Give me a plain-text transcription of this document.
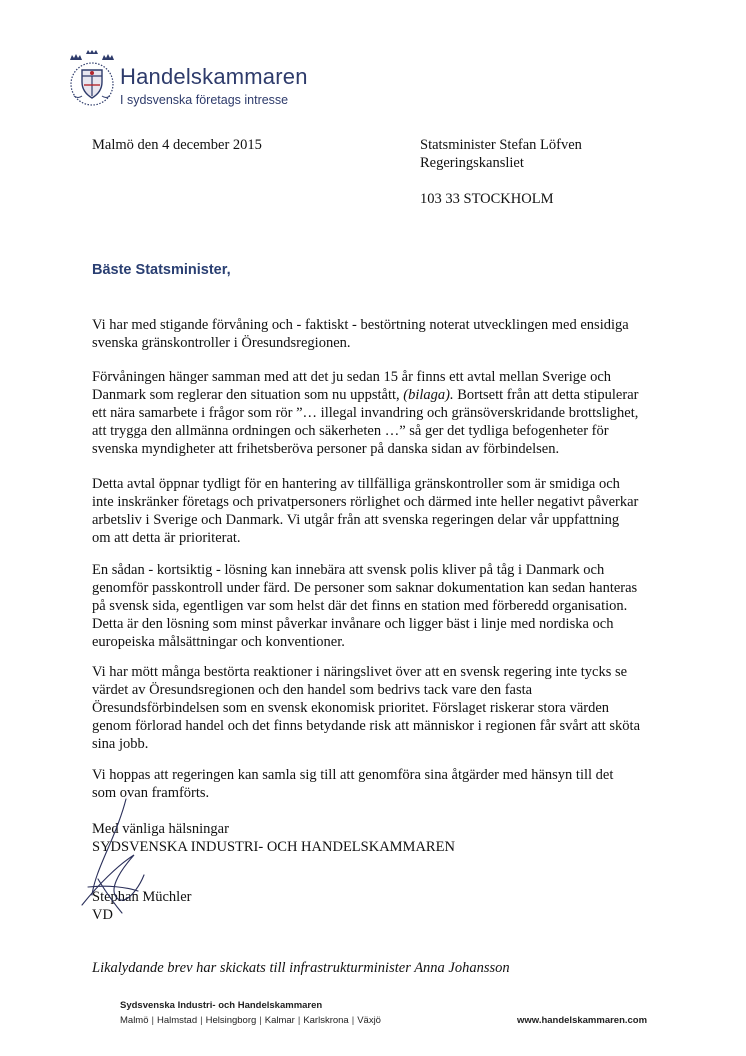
Handelskammaren
I sydsvenska företags intresse
Malmö den 4 december 2015	Statsminister Stefan Löfven
Regeringskansliet
103 33 STOCKHOLM
Bäste Statsminister,
Vi har med stigande förvåning och - faktiskt - bestörtning noterat utvecklingen med ensidiga
svenska gränskontroller i Öresundsregionen.
Förvåningen hänger samman med att det ju sedan 15 år finns ett avtal mellan Sverige och
Danmark som reglerar den situation som nu uppstått, (bilaga). Bortsett från att detta stipulerar
ett nära samarbete i frågor som rör ”… illegal invandring och gränsöverskridande brottslighet,
att trygga den allmänna ordningen och säkerheten …” så ger det tydliga befogenheter för
svenska myndigheter att frihetsberöva personer på danska sidan av förbindelsen.
Detta avtal öppnar tydligt för en hantering av tillfälliga gränskontroller som är smidiga och
inte inskränker företags och privatpersoners rörlighet och därmed inte heller negativt påverkar
arbetsliv i Sverige och Danmark. Vi utgår från att svenska regeringen delar vår uppfattning
om att detta är prioriterat.
En sådan - kortsiktig - lösning kan innebära att svensk polis kliver på tåg i Danmark och
genomför passkontroll under färd. De personer som saknar dokumentation kan sedan hanteras
på svensk sida, egentligen var som helst där det finns en station med förberedd organisation.
Detta är den lösning som minst påverkar invånare och ligger bäst i linje med nordiska och
europeiska målsättningar och konventioner.
Vi har mött många bestörta reaktioner i näringslivet över att en svensk regering inte tycks se
värdet av Öresundsregionen och den handel som bedrivs tack vare den fasta
Öresundsförbindelsen som en svensk ekonomisk prioritet. Förslaget riskerar stora värden
genom förlorad handel och det finns betydande risk att människor i regionen får svårt att sköta
sina jobb.
Vi hoppas att regeringen kan samla sig till att genomföra sina åtgärder med hänsyn till det
som ovan framförts.
Med vänliga hälsningar
SYDSVENSKA INDUSTRI- OCH HANDELSKAMMAREN
Stephan Müchler
VD
Likalydande brev har skickats till infrastrukturminister Anna Johansson
Sydsvenska Industri- och Handelskammaren
Malmö | Halmstad | Helsingborg | Kalmar | Karlskrona | Växjö	www.handelskammaren.com
